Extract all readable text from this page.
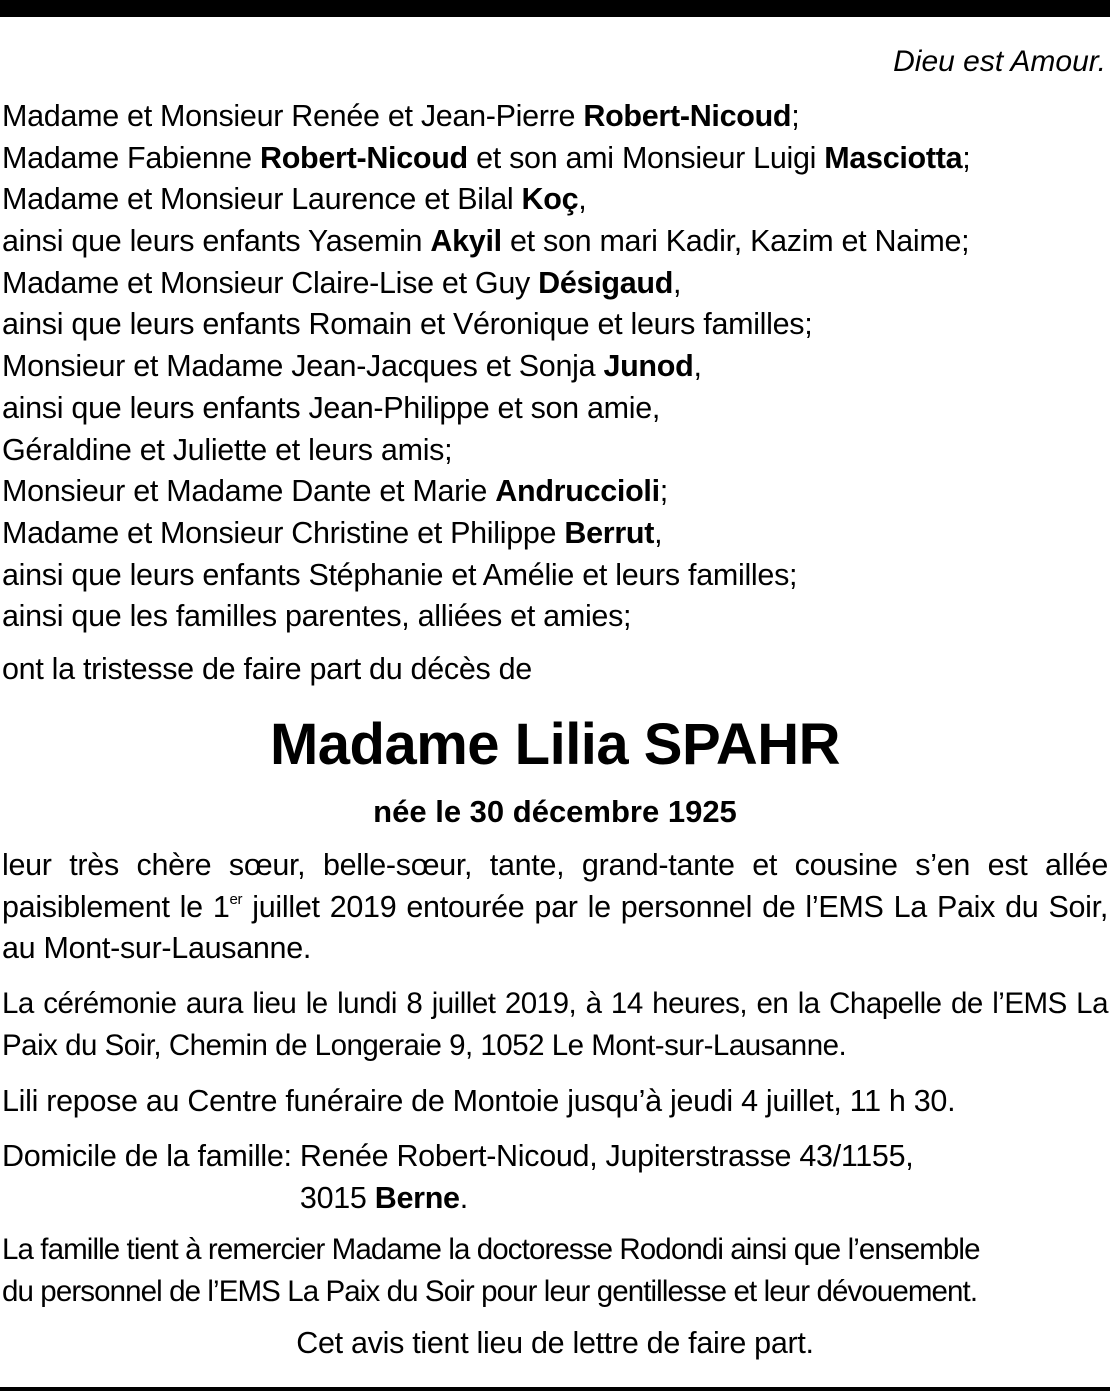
Dieu est Amour.
Madame et Monsieur Renée et Jean-Pierre Robert-Nicoud;
Madame Fabienne Robert-Nicoud et son ami Monsieur Luigi Masciotta;
Madame et Monsieur Laurence et Bilal Koç,
ainsi que leurs enfants Yasemin Akyil et son mari Kadir, Kazim et Naime;
Madame et Monsieur Claire-Lise et Guy Désigaud,
ainsi que leurs enfants Romain et Véronique et leurs familles;
Monsieur et Madame Jean-Jacques et Sonja Junod,
ainsi que leurs enfants Jean-Philippe et son amie,
Géraldine et Juliette et leurs amis;
Monsieur et Madame Dante et Marie Andruccioli;
Madame et Monsieur Christine et Philippe Berrut,
ainsi que leurs enfants Stéphanie et Amélie et leurs familles;
ainsi que les familles parentes, alliées et amies;
ont la tristesse de faire part du décès de
Madame Lilia SPAHR
née le 30 décembre 1925
leur très chère sœur, belle-sœur, tante, grand-tante et cousine s’en est allée paisiblement le 1er juillet 2019 entourée par le personnel de l’EMS La Paix du Soir, au Mont-sur-Lausanne.
La cérémonie aura lieu le lundi 8 juillet 2019, à 14 heures, en la Chapelle de l’EMS La Paix du Soir, Chemin de Longeraie 9, 1052 Le Mont-sur-Lausanne.
Lili repose au Centre funéraire de Montoie jusqu’à jeudi 4 juillet, 11 h 30.
Domicile de la famille: Renée Robert-Nicoud, Jupiterstrasse 43/1155,
3015 Berne.
La famille tient à remercier Madame la doctoresse Rodondi ainsi que l’ensemble
du personnel de l’EMS La Paix du Soir pour leur gentillesse et leur dévouement.
Cet avis tient lieu de lettre de faire part.
